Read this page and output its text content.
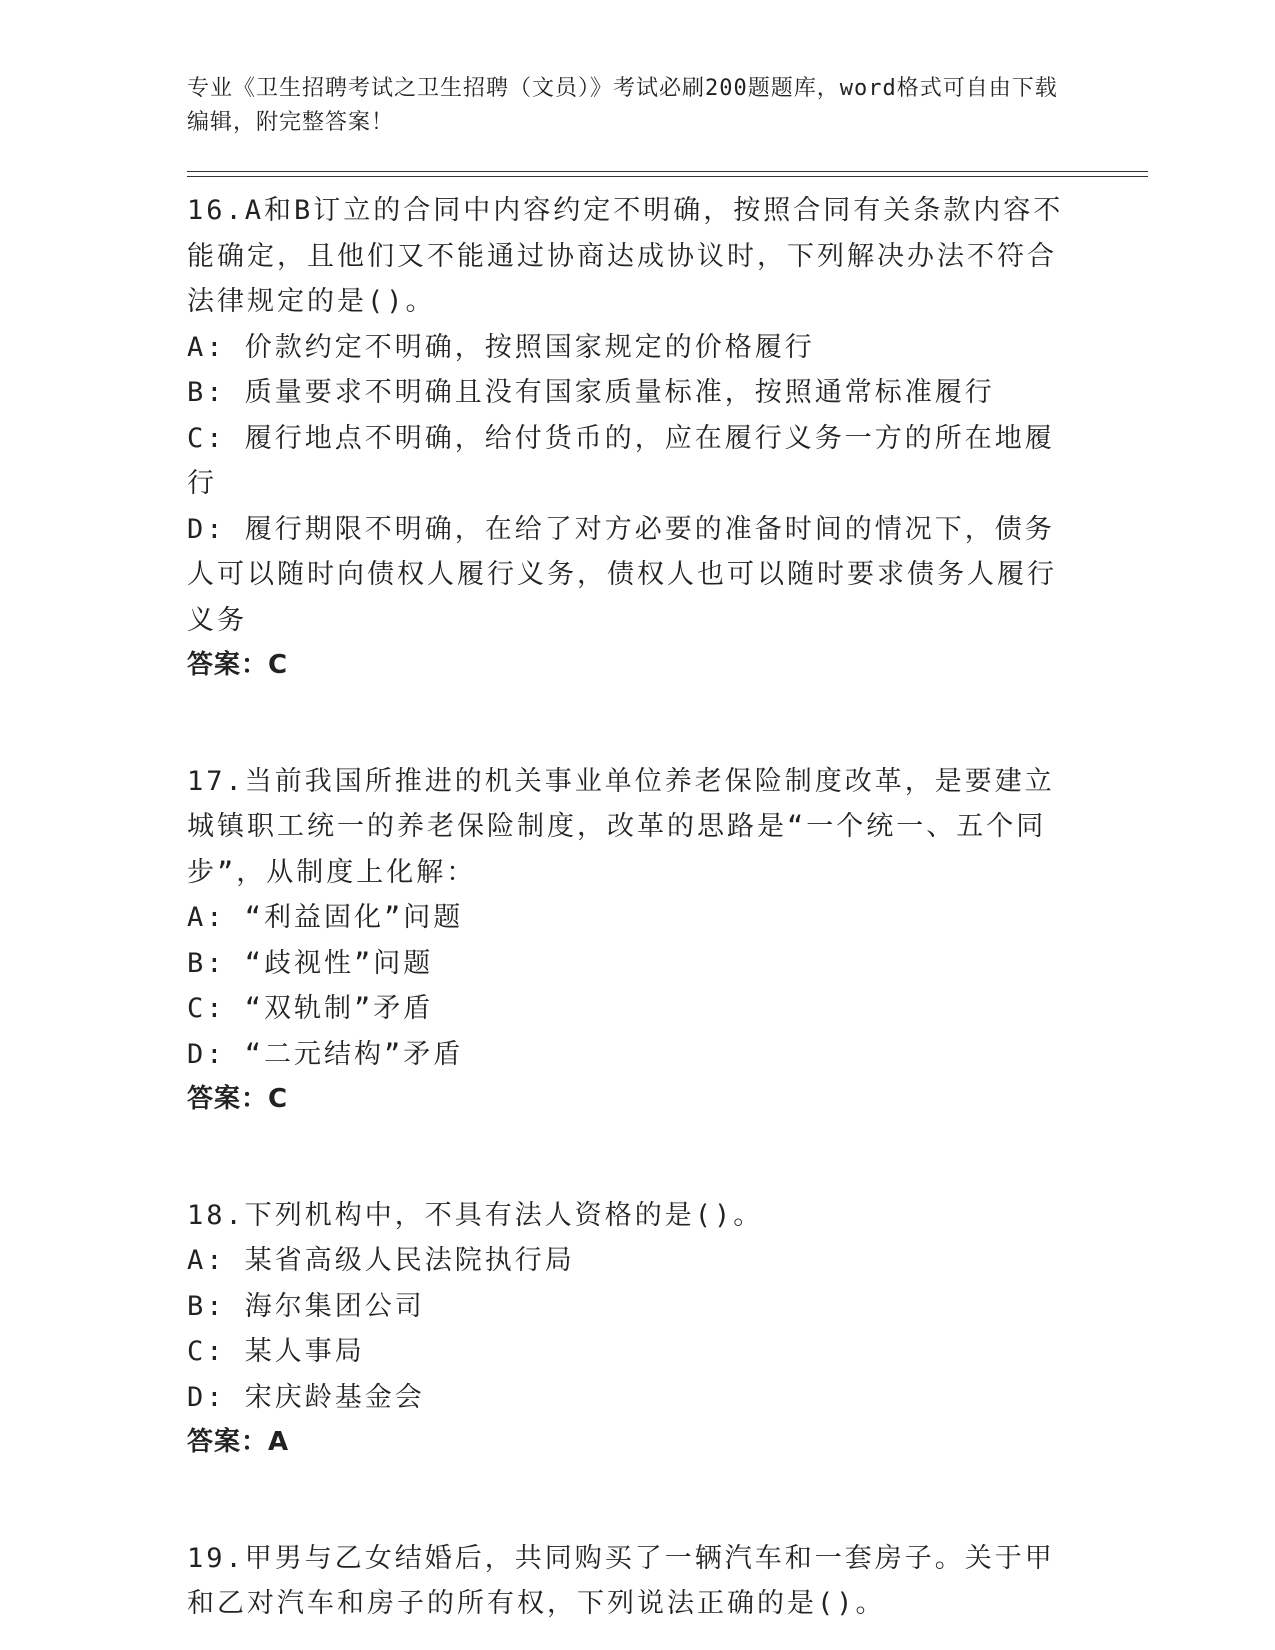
专业《卫生招聘考试之卫生招聘（文员）》考试必刷200题题库，word格式可自由下载编辑，附完整答案！
16.A和B订立的合同中内容约定不明确，按照合同有关条款内容不能确定，且他们又不能通过协商达成协议时，下列解决办法不符合法律规定的是()。
A: 价款约定不明确，按照国家规定的价格履行
B: 质量要求不明确且没有国家质量标准，按照通常标准履行
C: 履行地点不明确，给付货币的，应在履行义务一方的所在地履行
D: 履行期限不明确，在给了对方必要的准备时间的情况下，债务人可以随时向债权人履行义务，债权人也可以随时要求债务人履行义务
答案：C
17.当前我国所推进的机关事业单位养老保险制度改革，是要建立城镇职工统一的养老保险制度，改革的思路是“一个统一、五个同步”，从制度上化解：
A: “利益固化”问题
B: “歧视性”问题
C: “双轨制”矛盾
D: “二元结构”矛盾
答案：C
18.下列机构中，不具有法人资格的是()。
A: 某省高级人民法院执行局
B: 海尔集团公司
C: 某人事局
D: 宋庆龄基金会
答案：A
19.甲男与乙女结婚后，共同购买了一辆汽车和一套房子。关于甲和乙对汽车和房子的所有权，下列说法正确的是()。
